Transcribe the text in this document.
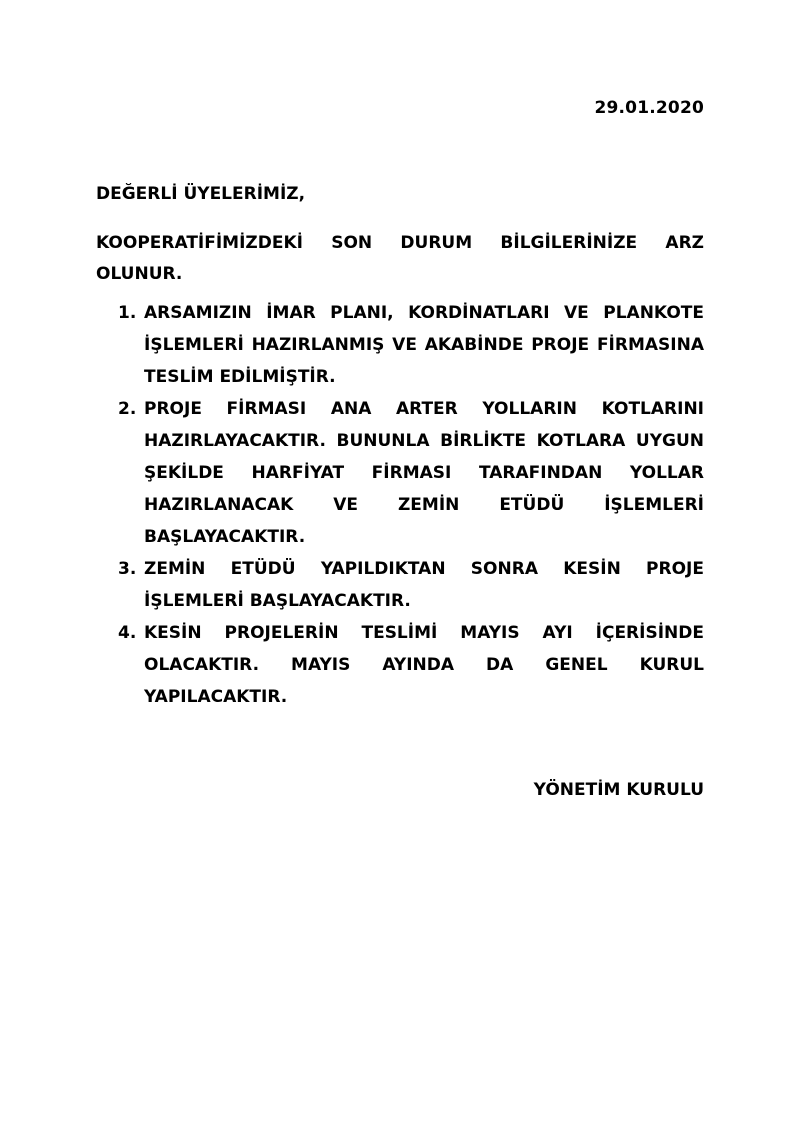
29.01.2020
DEĞERLİ ÜYELERİMİZ,
KOOPERATİFİMİZDEKİ SON DURUM BİLGİLERİNİZE ARZ OLUNUR.
1. ARSAMIZIN İMAR PLANI, KORDİNATLARI VE PLANKOTE İŞLEMLERİ HAZIRLANMIŞ VE AKABİNDE PROJE FİRMASINA TESLİM EDİLMİŞTİR.
2. PROJE FİRMASI ANA ARTER YOLLARIN KOTLARINI HAZIRLAYACAKTIR. BUNUNLA BİRLİKTE KOTLARA UYGUN ŞEKİLDE HARFİYAT FİRMASI TARAFINDAN YOLLAR HAZIRLANACAK VE ZEMİN ETÜDÜ İŞLEMLERİ BAŞLAYACAKTIR.
3. ZEMİN ETÜDÜ YAPILDIKTAN SONRA KESİN PROJE İŞLEMLERİ BAŞLAYACAKTIR.
4. KESİN PROJELERİN TESLİMİ MAYIS AYI İÇERİSİNDE OLACAKTIR. MAYIS AYINDA DA GENEL KURUL YAPILACAKTIR.
YÖNETİM KURULU
